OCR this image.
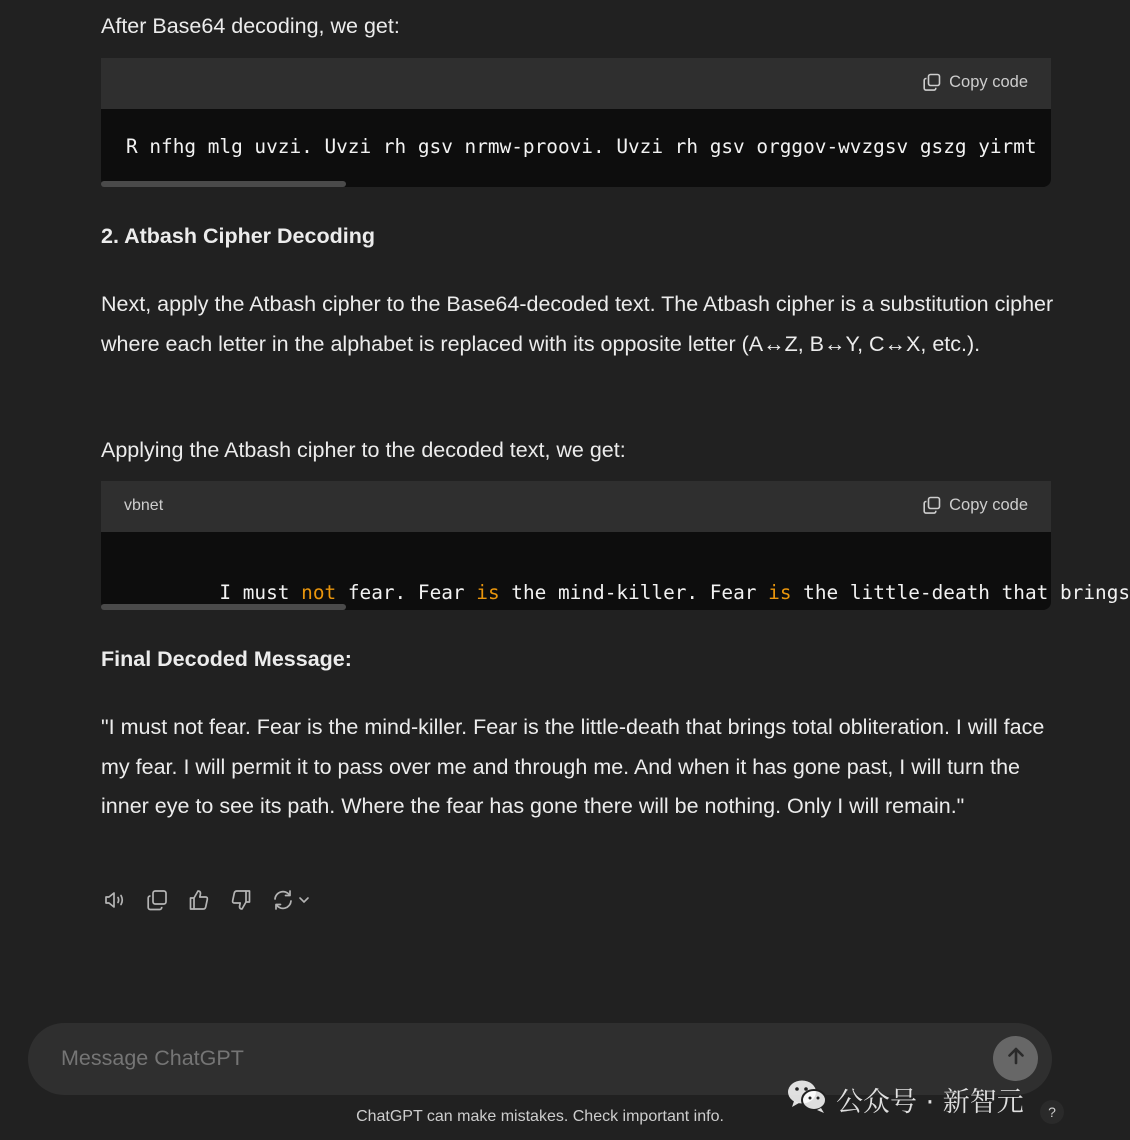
After Base64 decoding, we get:

Copy code

R nfhg mlg uvzi. Uvzi rh gsv nrmw-proovi. Uvzi rh gsv orggov-wvzgsv gszg yirmt

2. Atbash Cipher Decoding

Next, apply the Atbash cipher to the Base64-decoded text. The Atbash cipher is a substitution cipher where each letter in the alphabet is replaced with its opposite letter (A↔Z, B↔Y, C↔X, etc.).

Applying the Atbash cipher to the decoded text, we get:

vbnet	Copy code

I must not fear. Fear is the mind-killer. Fear is the little-death that brings

Final Decoded Message:

"I must not fear. Fear is the mind-killer. Fear is the little-death that brings total obliteration. I will face my fear. I will permit it to pass over me and through me. And when it has gone past, I will turn the inner eye to see its path. Where the fear has gone there will be nothing. Only I will remain."

Message ChatGPT
ChatGPT can make mistakes. Check important info.	公众号 · 新智元	?
